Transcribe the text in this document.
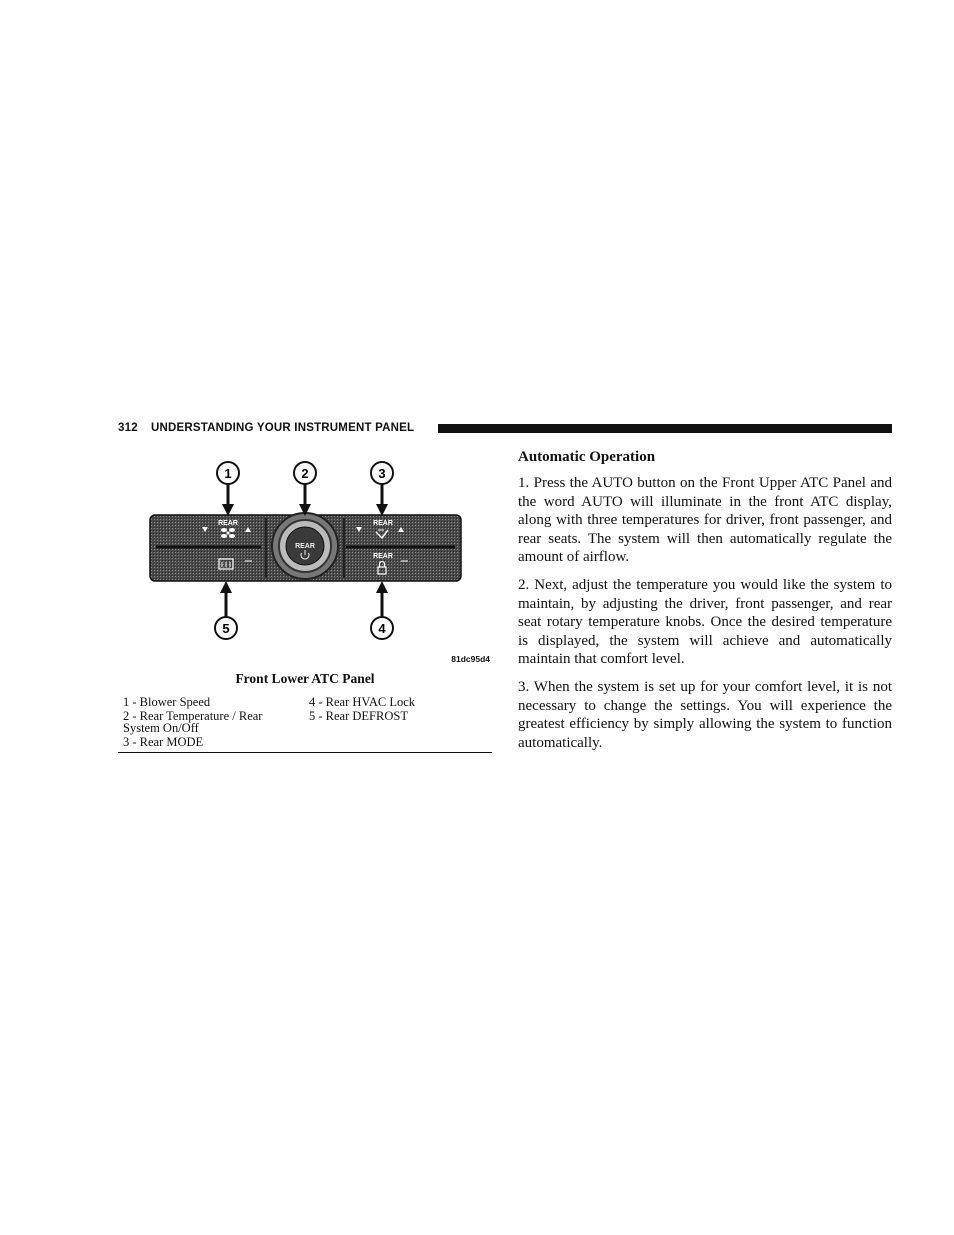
312 UNDERSTANDING YOUR INSTRUMENT PANEL
REAR
REAR	REAR
REAR
1	2	3
4
5
81dc95d4
Front Lower ATC Panel
1 - Blower Speed
2 - Rear Temperature / Rear
System On/Off
3 - Rear MODE
4 - Rear HVAC Lock
5 - Rear DEFROST
Automatic Operation

1. Press the AUTO button on the Front Upper ATC Panel and the word AUTO will illuminate in the front ATC display, along with three temperatures for driver, front passenger, and rear seats. The system will then automatically regulate the amount of airflow.

2. Next, adjust the temperature you would like the system to maintain, by adjusting the driver, front passenger, and rear seat rotary temperature knobs. Once the desired temperature is displayed, the system will achieve and automatically maintain that comfort level.

3. When the system is set up for your comfort level, it is not necessary to change the settings. You will experience the greatest efficiency by simply allowing the system to function automatically.
